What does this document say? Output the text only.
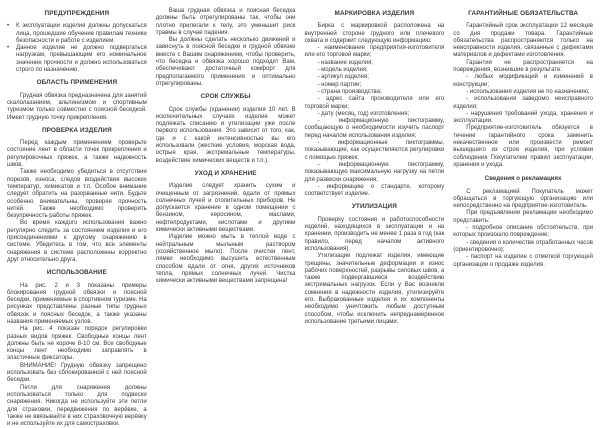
ПРЕДУПРЕЖДЕНИЯ
• К эксплуатации изделия должны допускаться лица, прошедшие обучение правилам техники безопасности и работе с изделием.
• Данное изделие не должно подвергаться нагрузкам, превышающим его номинальное значение прочности и должно использоваться строго по назначению.
ОБЛАСТЬ ПРИМЕНЕНИЯ

Грудная обвязка предназначена для занятий скалолазанием, альпинизмом и спортивным туризмом только совместно с поясной беседкой. Имеет грудную точку прикрепления.

ПРОВЕРКА ИЗДЕЛИЯ

Перед каждым применением проверьте состояние лент в области точек прикрепления и регулировочных пряжек, а также надежность швов.

Также необходимо убедиться в отсутствии порезов, износа, следов воздействия высоких температур, химикатов и т.п. Особое внимание следует обратить на разорванные нити. Будьте особенно внимательны, проверяя прочность нитей. Также необходимо проверить безупречность работы пряжек.

Во время каждого использования важно регулярно следить за состоянием изделия и его присоединениями к другому снаряжению в системе. Убедитесь в том, что все элементы снаряжения в системе расположены корректно друг относительно друга.

ИСПОЛЬЗОВАНИЕ

На рис. 2 и 3 показаны примеры блокирования грудной обвязки и поясной беседки, применяемые в спортивном туризме. На рисунках представлены разные типы грудных обвязок и поясных беседок, а также указаны названия применяемых узлов.

На рис. 4 показан порядок регулировки разных видов пряжек. Свободные концы лент должны быть не короче 8-10 см. Все свободные концы лент необходимо заправлять в эластичные фиксаторы.

ВНИМАНИЕ! Грудную обвязку запрещено использовать без сблокированной с ней поясной беседки.

Петли для снаряжения должны использоваться только для подвески снаряжения. Никогда не используйте эти петли для страховки, передвижения по верёвке, а также не ввязывайте в них страховочную верёвку и не используйте их для самостраховки.

Ваша грудная обвязка и поясная беседка должны быть отрегулированы так, чтобы они плотно прилегали к телу, это уменьшит риск травмы в случае падения.

Вы должны сделать несколько движений и зависнуть в поясной беседке и грудной обвязке вместе с Вашим снаряжением, чтобы проверить, что беседка и обвязка хорошо подходят Вам, обеспечивают достаточный комфорт для предполагаемого применения и оптимально отрегулированы.

СРОК СЛУЖБЫ

Срок службы (хранения) изделия 10 лет. В исключительных случаях изделие может подлежать списанию и утилизации уже после первого использования. Это зависит от того, как, где и с какой интенсивностью вы его использовали (жесткие условия, морская вода, острые края, экстремальные температуры, воздействие химических веществ и т.п.).

УХОД И ХРАНЕНИЕ

Изделие следует хранить сухим и очищенным от загрязнений, вдали от прямых солнечных лучей и отопительных приборов. Не допускается хранение в одном помещении с бензином, керосином, маслами, нефтепродуктами, кислотами и другими химически активными веществами.

Изделие можно мыть в теплой воде с нейтральным мыльным раствором (хозяйственное мыло). После очистки лент, лямки необходимо высушить естественным способом вдали от огня, других источников тепла, прямых солнечных лучей. Чистка химически активными веществами запрещена!

МАРКИРОВКА ИЗДЕЛИЯ

Бирка с маркировкой расположена на внутренней стороне грудного или плечевого охвата и содержит следующую информацию:

- наименование предприятия-изготовителя или его торговой марки;

- название изделия;

- модель изделия;

- артикул изделия;

- номер партии;

- страна производства;

- адрес сайта производителя или его торговой марки;

- дату (месяц, год) изготовления;

- информационную пиктограмму, сообщающую о необходимости изучить паспорт перед началом использования изделия;

- информационные пиктограммы, показывающие, как осуществляются регулировки с помощью пряжек;

- информационную пиктограмму, показывающую максимальную нагрузку на петли для развески снаряжения;

- информацию о стандарте, которому соответствует изделие.

УТИЛИЗАЦИЯ

Проверку состояния и работоспособности изделий, находящихся в эксплуатации и на хранении, производить не менее 1 раза в год (как правило, перед началом активного использования).

Утилизации подлежат изделия, имеющие трещины, значительные деформации и износ рабочих поверхностей, разрывы силовых швов, а также подвергавшиеся воздействию экстремальных нагрузок. Если у Вас возникли сомнения в надежности изделия, утилизируйте его. Выбракованные изделия и их компоненты необходимо уничтожить любым доступным способом, чтобы исключить непреднамеренное использование третьими лицами.

ГАРАНТИЙНЫЕ ОБЯЗАТЕЛЬСТВА

Гарантийный срок эксплуатации 12 месяцев со дня продажи товара. Гарантийные обязательства распространяются только на неисправности изделия, связанные с дефектами материалов и дефектами изготовления.

Гарантия не распространяется на повреждения, возникшие в результате:

- любых модификаций и изменений в конструкции;

- использования изделия не по назначению;

- использования заведомо неисправного изделия;

- нарушения требований ухода, хранения и эксплуатации.

Предприятие-изготовитель обязуется в течение гарантийного срока заменить некачественное или произвести ремонт вышедшего из строя изделия, при условии соблюдения Покупателем правил эксплуатации, хранения и ухода.

Сведения о рекламациях

С рекламацией Покупатель может обращаться в торгующую организацию или непосредственно на предприятие-изготовитель.

При предъявлении рекламации необходимо представить:

- подробное описание обстоятельств, при которых произошло повреждение;

- сведения о количестве отработанных часов (ориентировочно);

- паспорт на изделие с отметкой торгующей организации о продаже изделия.
